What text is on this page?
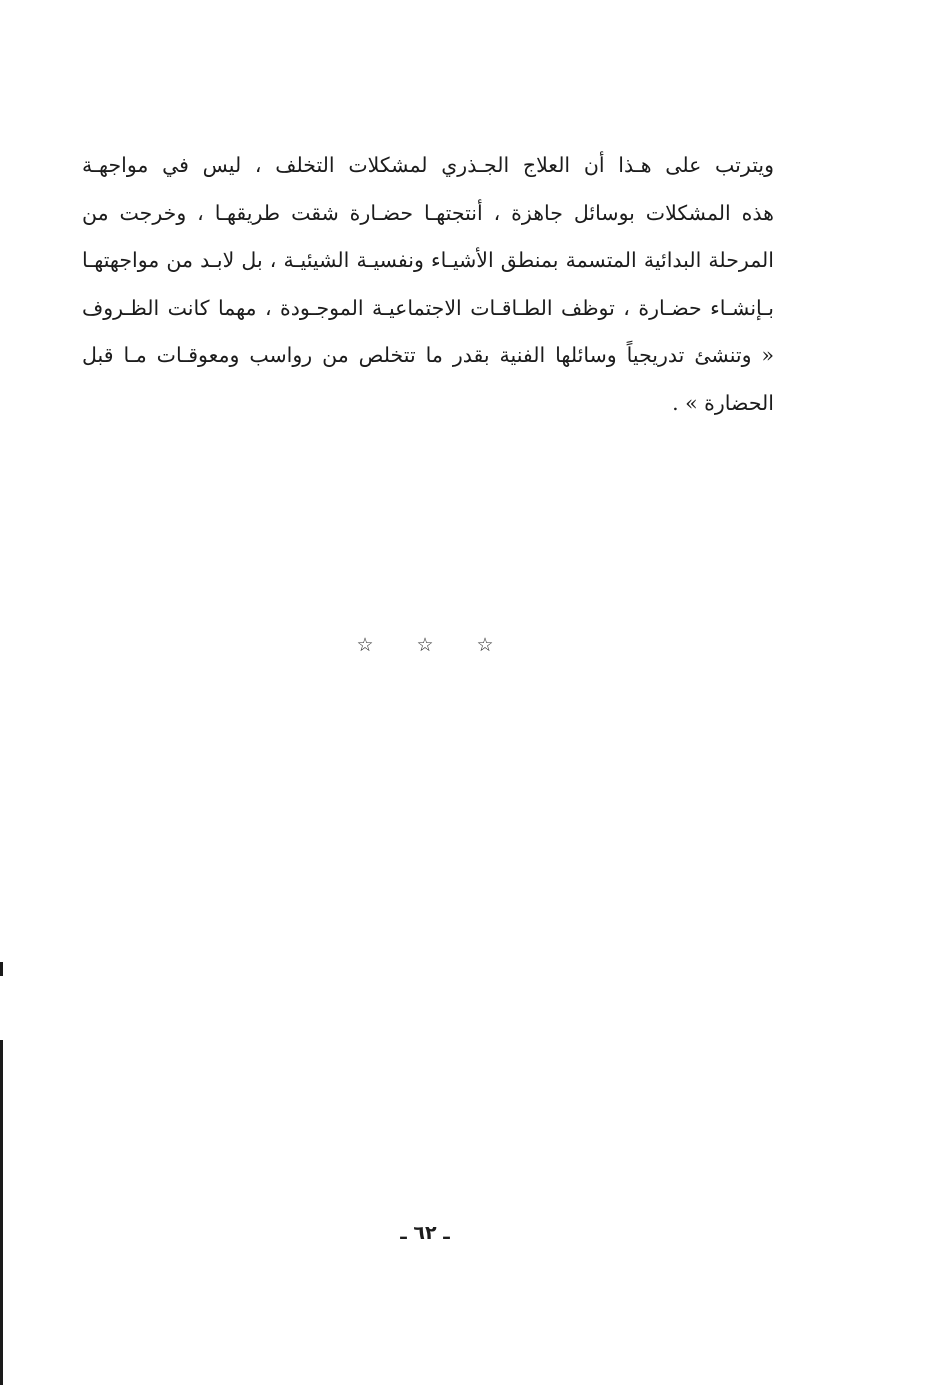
ويترتب على هـذا أن العلاج الجـذري لمشكلات التخلف ، ليس في مواجهـة
هذه المشكلات بوسائل جاهزة ، أنتجتهـا حضـارة شقت طريقهـا ، وخرجت من
المرحلة البدائية المتسمة بمنطق الأشيـاء ونفسيـة الشيئيـة ، بل لابـد من مواجهتهـا
بـإنشـاء حضـارة ، توظف الطـاقـات الاجتماعيـة الموجـودة ، مهما كانت الظـروف
« وتنشئ تدريجياً وسائلها الفنية بقدر ما تتخلص من رواسب ومعوقـات مـا قبل
الحضارة » .
☆	☆	☆
ـ ٦٢ ـ
